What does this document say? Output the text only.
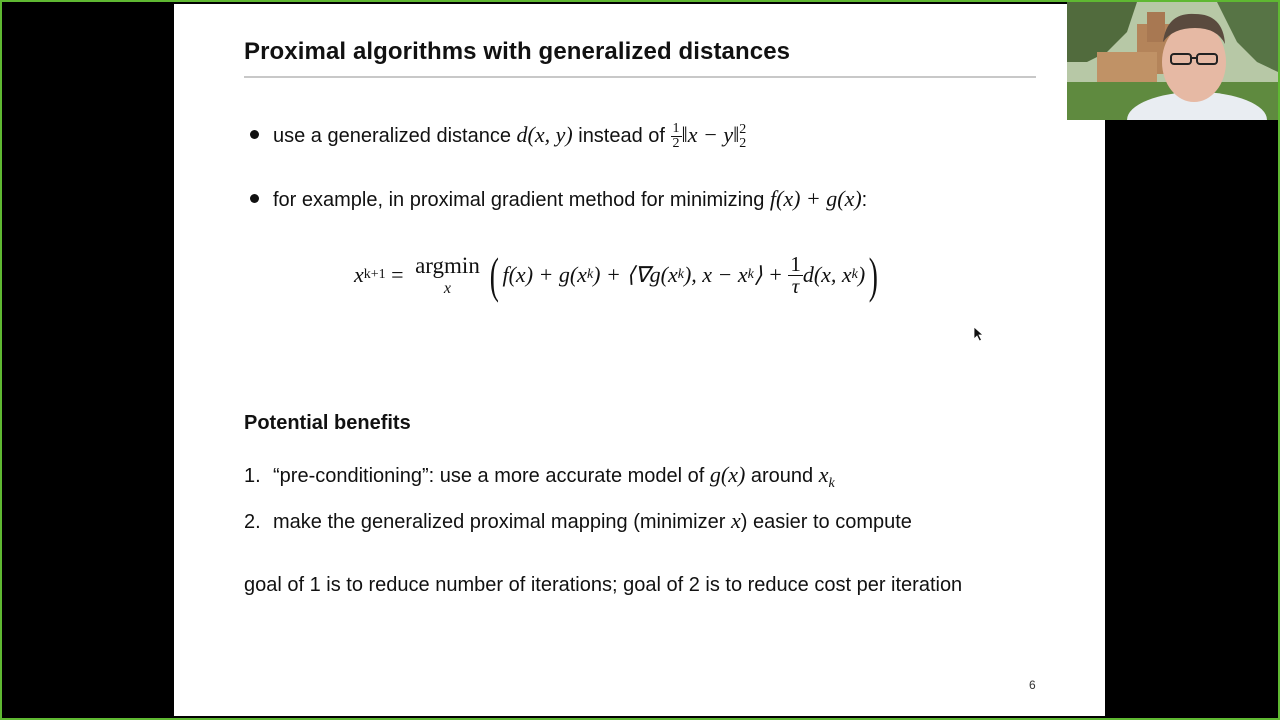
Proximal algorithms with generalized distances
use a generalized distance d(x, y) instead of $\frac{1}{2}$ ‖x − $y‖_2^2$
for example, in proximal gradient method for minimizing f(x) + g(x):
x k+1 = argmin
x ( f(x) + g(x k ) + ⟨∇g(x k ), x − x k ⟩ + $\frac{1}{\tau} d(x$, x k ) )
Potential benefits
1. “pre-conditioning”: use a more accurate model of g(x) around $x_k$
2. make the generalized proximal mapping (minimizer x) easier to compute
goal of 1 is to reduce number of iterations; goal of 2 is to reduce cost per iteration
6
